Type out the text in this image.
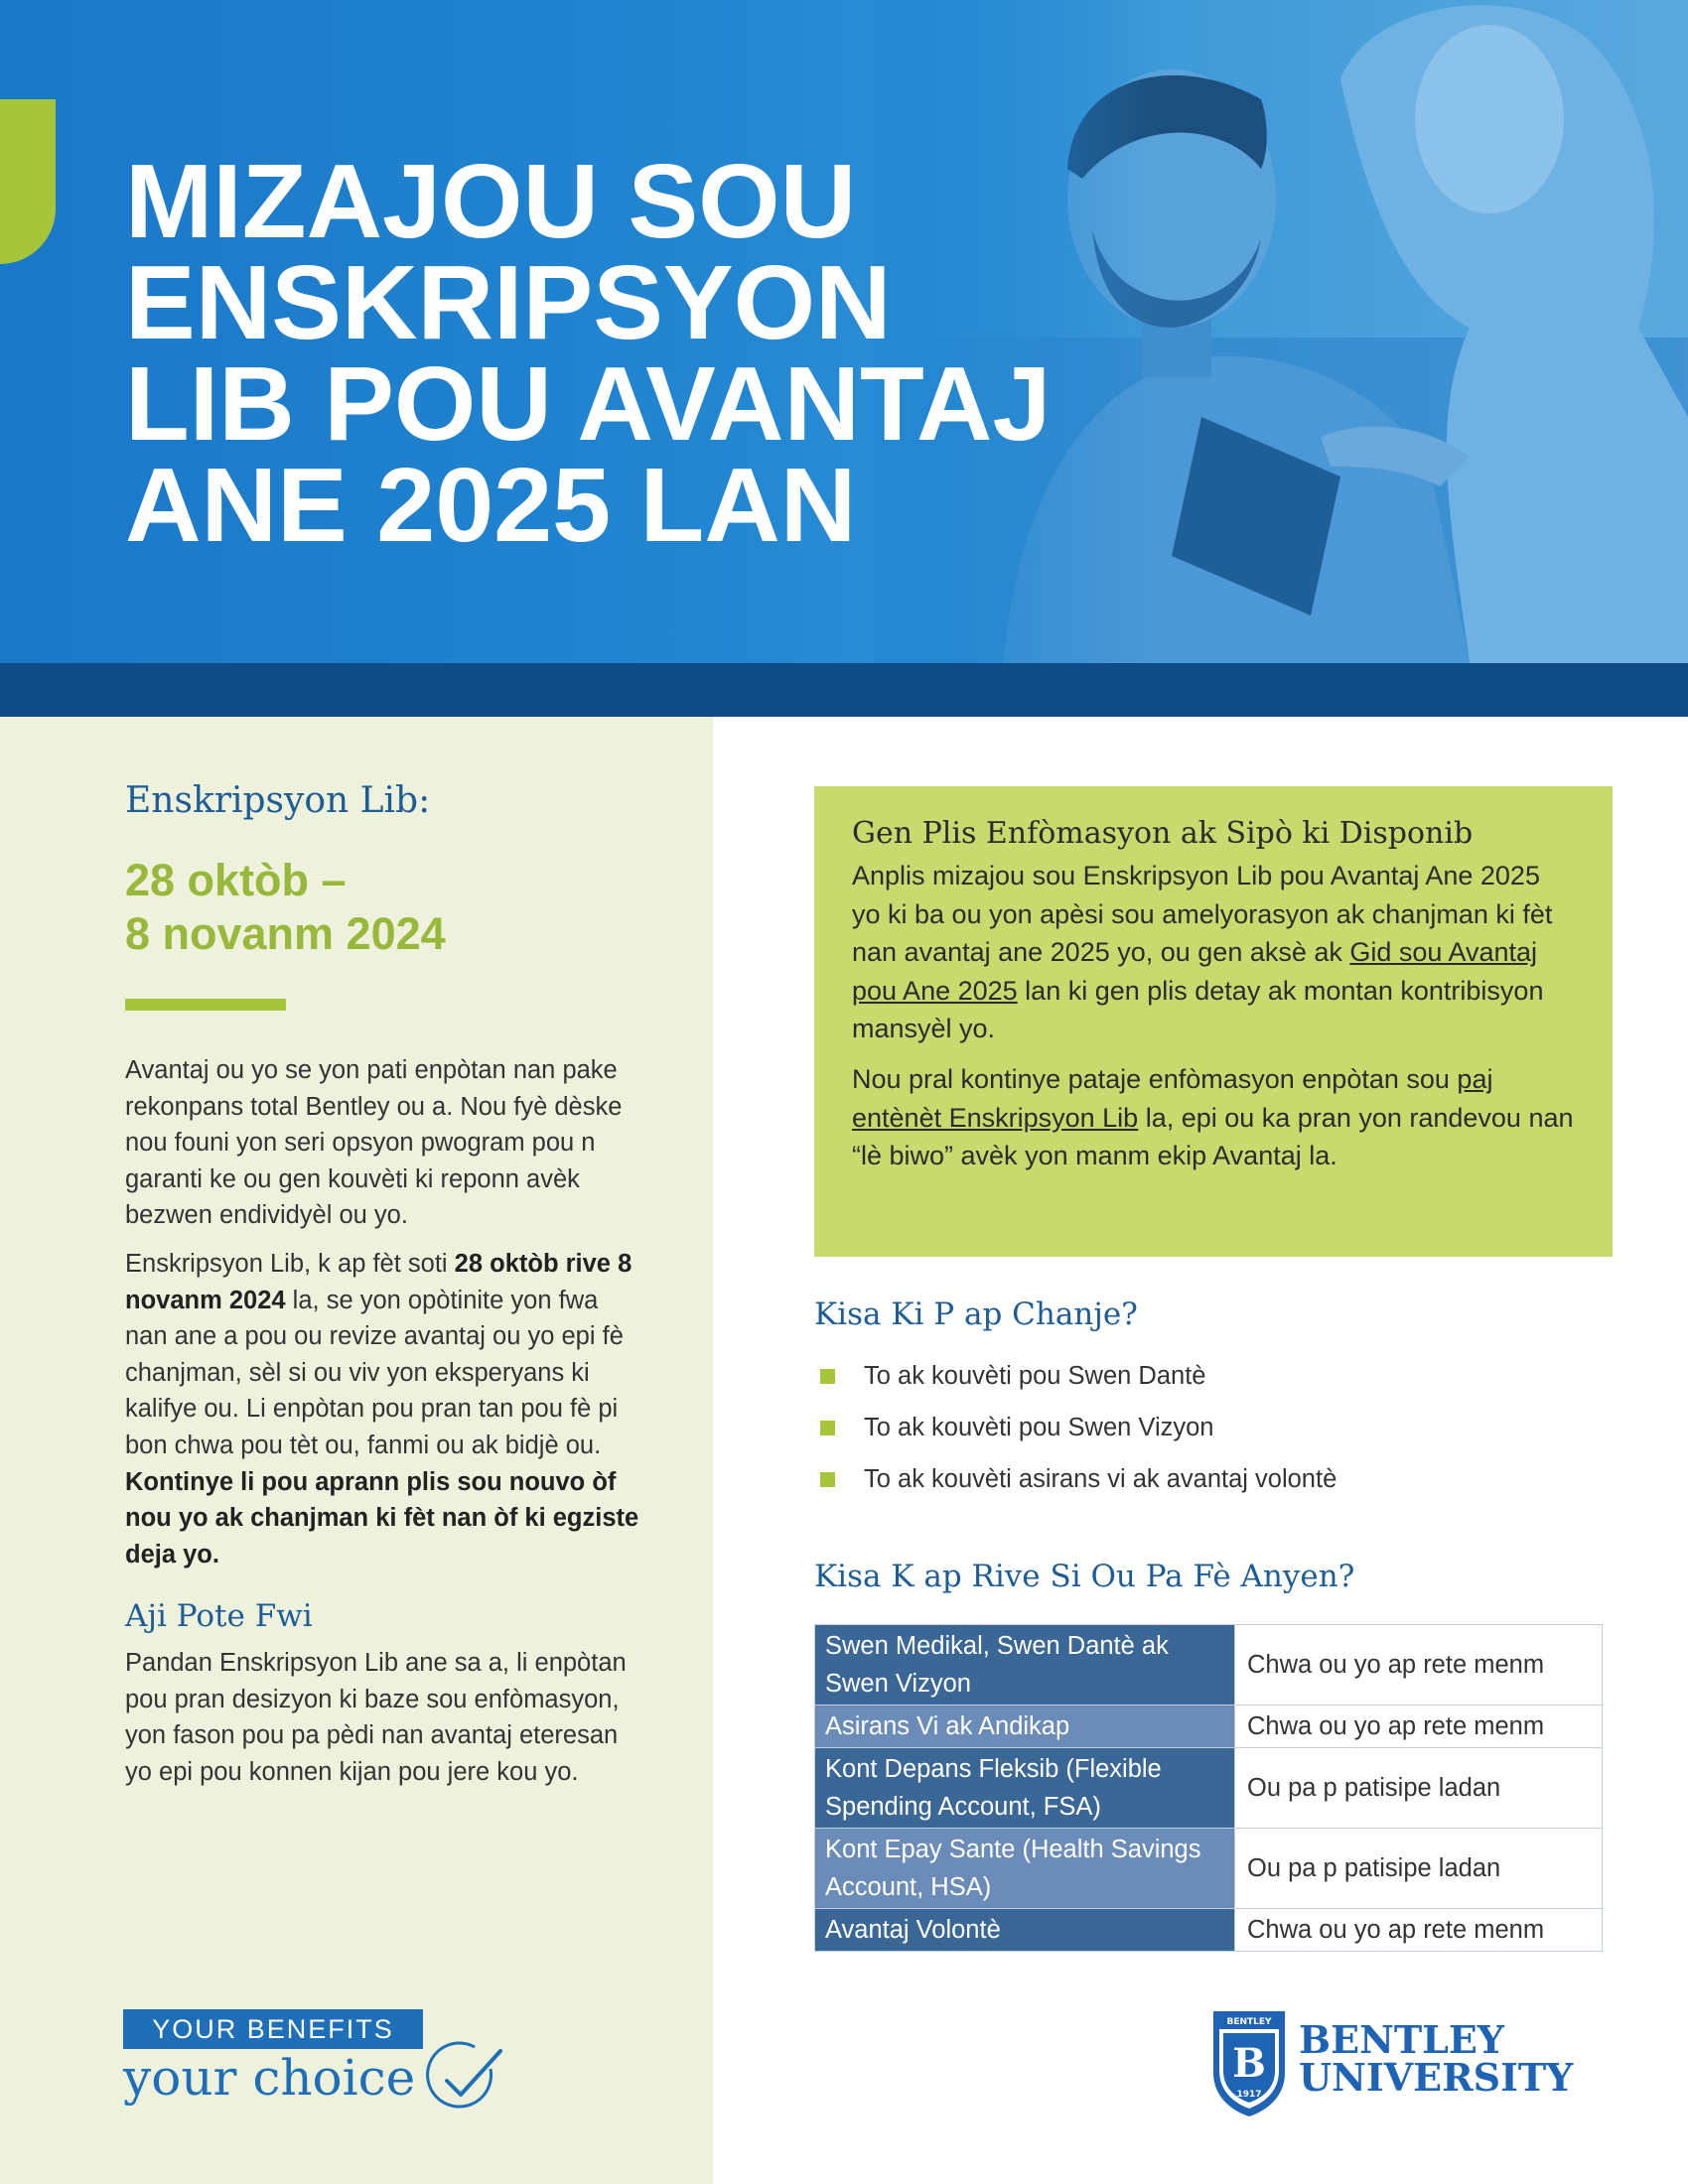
MIZAJOU SOU
ENSKRIPSYON
LIB POU AVANTAJ
ANE 2025 LAN
Enskripsyon Lib:
28 oktòb –
8 novanm 2024

Avantaj ou yo se yon pati enpòtan nan pake rekonpans total Bentley ou a. Nou fyè dèske nou founi yon seri opsyon pwogram pou n garanti ke ou gen kouvèti ki reponn avèk bezwen endividyèl ou yo.

Enskripsyon Lib, k ap fèt soti 28 oktòb rive 8 novanm 2024 la, se yon opòtinite yon fwa nan ane a pou ou revize avantaj ou yo epi fè chanjman, sèl si ou viv yon eksperyans ki kalifye ou. Li enpòtan pou pran tan pou fè pi bon chwa pou tèt ou, fanmi ou ak bidjè ou. Kontinye li pou aprann plis sou nouvo òf nou yo ak chanjman ki fèt nan òf ki egziste deja yo.

Aji Pote Fwi

Pandan Enskripsyon Lib ane sa a, li enpòtan pou pran desizyon ki baze sou enfòmasyon, yon fason pou pa pèdi nan avantaj eteresan yo epi pou konnen kijan pou jere kou yo.

YOUR BENEFITS
your choice
Gen Plis Enfòmasyon ak Sipò ki Disponib

Anplis mizajou sou Enskripsyon Lib pou Avantaj Ane 2025 yo ki ba ou yon apèsi sou amelyorasyon ak chanjman ki fèt nan avantaj ane 2025 yo, ou gen aksè ak Gid sou Avantaj pou Ane 2025 lan ki gen plis detay ak montan kontribisyon mansyèl yo.

Nou pral kontinye pataje enfòmasyon enpòtan sou paj entènèt Enskripsyon Lib la, epi ou ka pran yon randevou nan “lè biwo” avèk yon manm ekip Avantaj la.

Kisa Ki P ap Chanje?
To ak kouvèti pou Swen Dantè
To ak kouvèti pou Swen Vizyon
To ak kouvèti asirans vi ak avantaj volontè
Kisa K ap Rive Si Ou Pa Fè Anyen?
Swen Medikal, Swen Dantè ak Swen Vizyon	Chwa ou yo ap rete menm
Asirans Vi ak Andikap	Chwa ou yo ap rete menm
Kont Depans Fleksib (Flexible Spending Account, FSA)	Ou pa p patisipe ladan
Kont Epay Sante (Health Savings Account, HSA)	Ou pa p patisipe ladan
Avantaj Volontè	Chwa ou yo ap rete menm
BENTLEY
B
1917
BENTLEY
UNIVERSITY
